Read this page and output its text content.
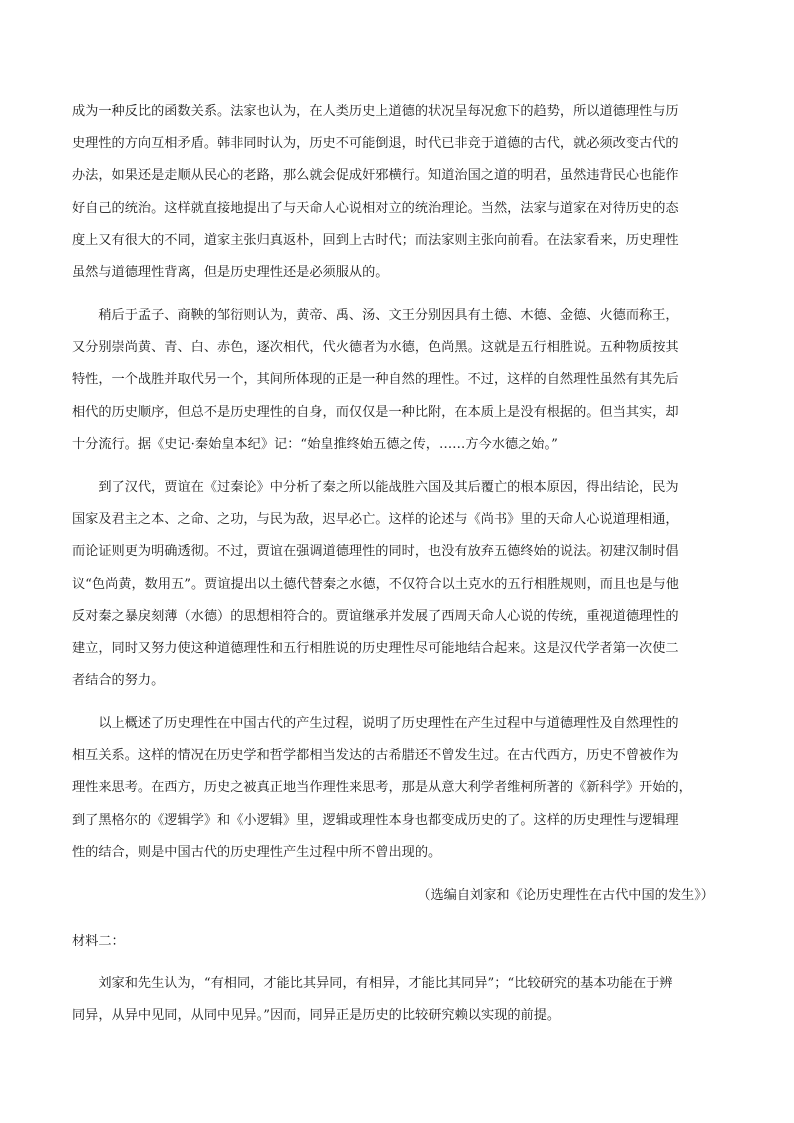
成为一种反比的函数关系。法家也认为，在人类历史上道德的状况呈每况愈下的趋势，所以道德理性与历
史理性的方向互相矛盾。韩非同时认为，历史不可能倒退，时代已非竞于道德的古代，就必须改变古代的
办法，如果还是走顺从民心的老路，那么就会促成奸邪横行。知道治国之道的明君，虽然违背民心也能作
好自己的统治。这样就直接地提出了与天命人心说相对立的统治理论。当然，法家与道家在对待历史的态
度上又有很大的不同，道家主张归真返朴，回到上古时代；而法家则主张向前看。在法家看来，历史理性
虽然与道德理性背离，但是历史理性还是必须服从的。
　　稍后于孟子、商鞅的邹衍则认为，黄帝、禹、汤、文王分别因具有土德、木德、金德、火德而称王，
又分别崇尚黄、青、白、赤色，逐次相代，代火德者为水德，色尚黑。这就是五行相胜说。五种物质按其
特性，一个战胜并取代另一个，其间所体现的正是一种自然的理性。不过，这样的自然理性虽然有其先后
相代的历史顺序，但总不是历史理性的自身，而仅仅是一种比附，在本质上是没有根据的。但当其实，却
十分流行。据《史记·秦始皇本纪》记：“始皇推终始五德之传，……方今水德之始。”
　　到了汉代，贾谊在《过秦论》中分析了秦之所以能战胜六国及其后覆亡的根本原因，得出结论，民为
国家及君主之本、之命、之功，与民为敌，迟早必亡。这样的论述与《尚书》里的天命人心说道理相通，
而论证则更为明确透彻。不过，贾谊在强调道德理性的同时，也没有放弃五德终始的说法。初建汉制时倡
议“色尚黄，数用五”。贾谊提出以土德代替秦之水德，不仅符合以土克水的五行相胜规则，而且也是与他
反对秦之暴戾刻薄（水德）的思想相符合的。贾谊继承并发展了西周天命人心说的传统，重视道德理性的
建立，同时又努力使这种道德理性和五行相胜说的历史理性尽可能地结合起来。这是汉代学者第一次使二
者结合的努力。
　　以上概述了历史理性在中国古代的产生过程，说明了历史理性在产生过程中与道德理性及自然理性的
相互关系。这样的情况在历史学和哲学都相当发达的古希腊还不曾发生过。在古代西方，历史不曾被作为
理性来思考。在西方，历史之被真正地当作理性来思考，那是从意大利学者维柯所著的《新科学》开始的，
到了黑格尔的《逻辑学》和《小逻辑》里，逻辑或理性本身也都变成历史的了。这样的历史理性与逻辑理
性的结合，则是中国古代的历史理性产生过程中所不曾出现的。
（选编自刘家和《论历史理性在古代中国的发生》）
材料二：
　　刘家和先生认为，“有相同，才能比其异同，有相异，才能比其同异”；“比较研究的基本功能在于辨
同异，从异中见同，从同中见异。”因而，同异正是历史的比较研究赖以实现的前提。
